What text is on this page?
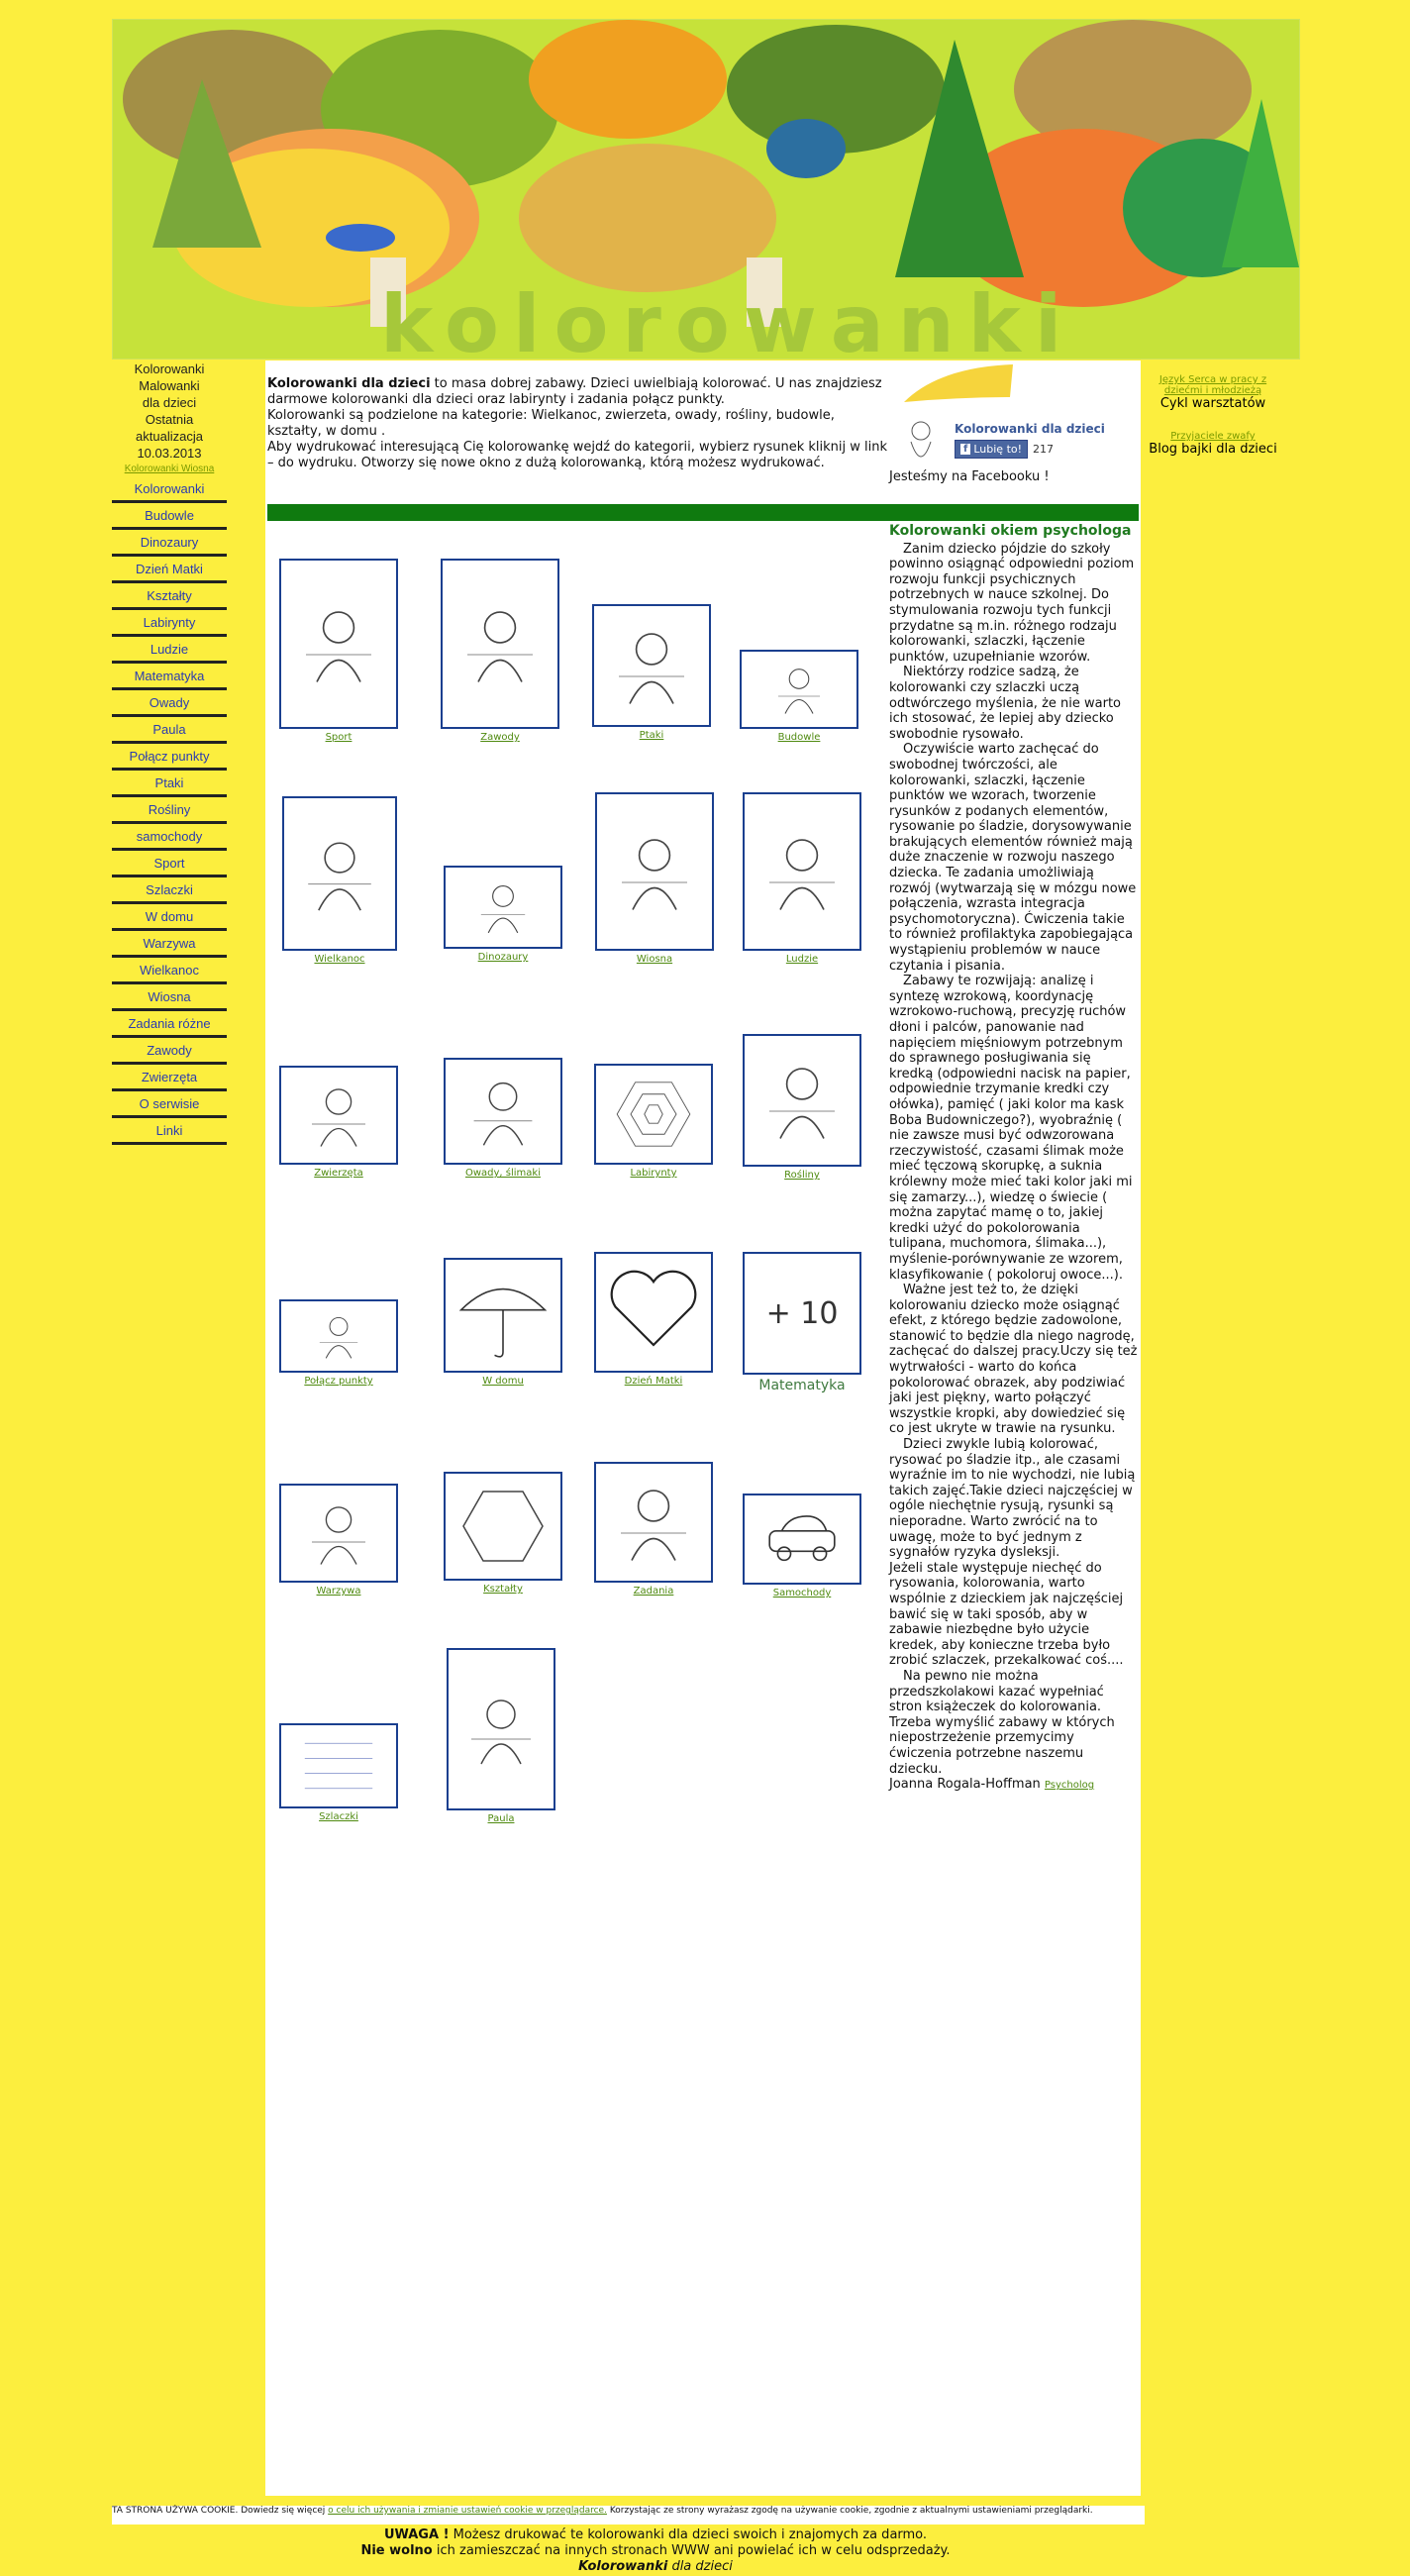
kolorowanki
Kolorowanki
Malowanki
dla dzieci
Ostatnia
aktualizacja
10.03.2013
Kolorowanki Wiosna
Kolorowanki
Budowle
Dinozaury
Dzień Matki
Kształty
Labirynty
Ludzie
Matematyka
Owady
Paula
Połącz punkty
Ptaki
Rośliny
samochody
Sport
Szlaczki
W domu
Warzywa
Wielkanoc
Wiosna
Zadania różne
Zawody
Zwierzęta
O serwisie
Linki
Kolorowanki dla dzieci to masa dobrej zabawy. Dzieci uwielbiają kolorować. U nas znajdziesz darmowe kolorowanki dla dzieci oraz labirynty i zadania połącz punkty.
Kolorowanki są podzielone na kategorie: Wielkanoc, zwierzeta, owady, rośliny, budowle, kształty, w domu .
Aby wydrukować interesującą Cię kolorowankę wejdź do kategorii, wybierz rysunek kliknij w link – do wydruku. Otworzy się nowe okno z dużą kolorowanką, którą możesz wydrukować.
Kolorowanki dla dzieci
f Lubię to! 217
Jesteśmy na Facebooku !
Sport	Zawody	Ptaki	Budowle
Wielkanoc	Dinozaury	Wiosna	Ludzie
Zwierzęta	Owady, ślimaki	Labirynty	Rośliny
Połącz punkty	W domu	Dzień Matki
+ 10
Matematyka
Warzywa	Kształty	Zadania	Samochody
Szlaczki	Paula
Kolorowanki okiem psychologa

Zanim dziecko pójdzie do szkoły powinno osiągnąć odpowiedni poziom rozwoju funkcji psychicznych potrzebnych w nauce szkolnej. Do stymulowania rozwoju tych funkcji przydatne są m.in. różnego rodzaju kolorowanki, szlaczki, łączenie punktów, uzupełnianie wzorów.

Niektórzy rodzice sadzą, że kolorowanki czy szlaczki uczą odtwórczego myślenia, że nie warto ich stosować, że lepiej aby dziecko swobodnie rysowało.

Oczywiście warto zachęcać do swobodnej twórczości, ale kolorowanki, szlaczki, łączenie punktów we wzorach, tworzenie rysunków z podanych elementów, rysowanie po śladzie, dorysowywanie brakujących elementów również mają duże znaczenie w rozwoju naszego dziecka. Te zadania umożliwiają rozwój (wytwarzają się w mózgu nowe połączenia, wzrasta integracja psychomotoryczna). Ćwiczenia takie to również profilaktyka zapobiegająca wystąpieniu problemów w nauce czytania i pisania.

Zabawy te rozwijają: analizę i syntezę wzrokową, koordynację wzrokowo-ruchową, precyzję ruchów dłoni i palców, panowanie nad napięciem mięśniowym potrzebnym do sprawnego posługiwania się kredką (odpowiedni nacisk na papier, odpowiednie trzymanie kredki czy ołówka), pamięć ( jaki kolor ma kask Boba Budowniczego?), wyobraźnię ( nie zawsze musi być odwzorowana rzeczywistość, czasami ślimak może mieć tęczową skorupkę, a suknia królewny może mieć taki kolor jaki mi się zamarzy...), wiedzę o świecie ( można zapytać mamę o to, jakiej kredki użyć do pokolorowania tulipana, muchomora, ślimaka...), myślenie-porównywanie ze wzorem, klasyfikowanie ( pokoloruj owoce...).

Ważne jest też to, że dzięki kolorowaniu dziecko może osiągnąć efekt, z którego będzie zadowolone, stanowić to będzie dla niego nagrodę, zachęcać do dalszej pracy.Uczy się też wytrwałości - warto do końca pokolorować obrazek, aby podziwiać jaki jest piękny, warto połączyć wszystkie kropki, aby dowiedzieć się co jest ukryte w trawie na rysunku.

Dzieci zwykle lubią kolorować, rysować po śladzie itp., ale czasami wyraźnie im to nie wychodzi, nie lubią takich zajęć.Takie dzieci najczęściej w ogóle niechętnie rysują, rysunki są nieporadne. Warto zwrócić na to uwagę, może to być jednym z sygnałów ryzyka dysleksji.

Jeżeli stale występuje niechęć do rysowania, kolorowania, warto wspólnie z dzieckiem jak najczęściej bawić się w taki sposób, aby w zabawie niezbędne było użycie kredek, aby konieczne trzeba było zrobić szlaczek, przekalkować coś....

Na pewno nie można przedszkolakowi kazać wypełniać stron książeczek do kolorowania.

Trzeba wymyślić zabawy w których niepostrzeżenie przemycimy ćwiczenia potrzebne naszemu dziecku.
Joanna Rogala-Hoffman Psycholog
Język Serca w pracy z dziećmi i młodzieżą
Cykl warsztatów
Przyjaciele zwafy
Blog bajki dla dzieci
TA STRONA UŻYWA COOKIE. Dowiedz się więcej o celu ich używania i zmianie ustawień cookie w przeglądarce. Korzystając ze strony wyrażasz zgodę na używanie cookie, zgodnie z aktualnymi ustawieniami przeglądarki.
UWAGA ! Możesz drukować te kolorowanki dla dzieci swoich i znajomych za darmo.
Nie wolno ich zamieszczać na innych stronach WWW ani powielać ich w celu odsprzedaży.
Kolorowanki dla dzieci
